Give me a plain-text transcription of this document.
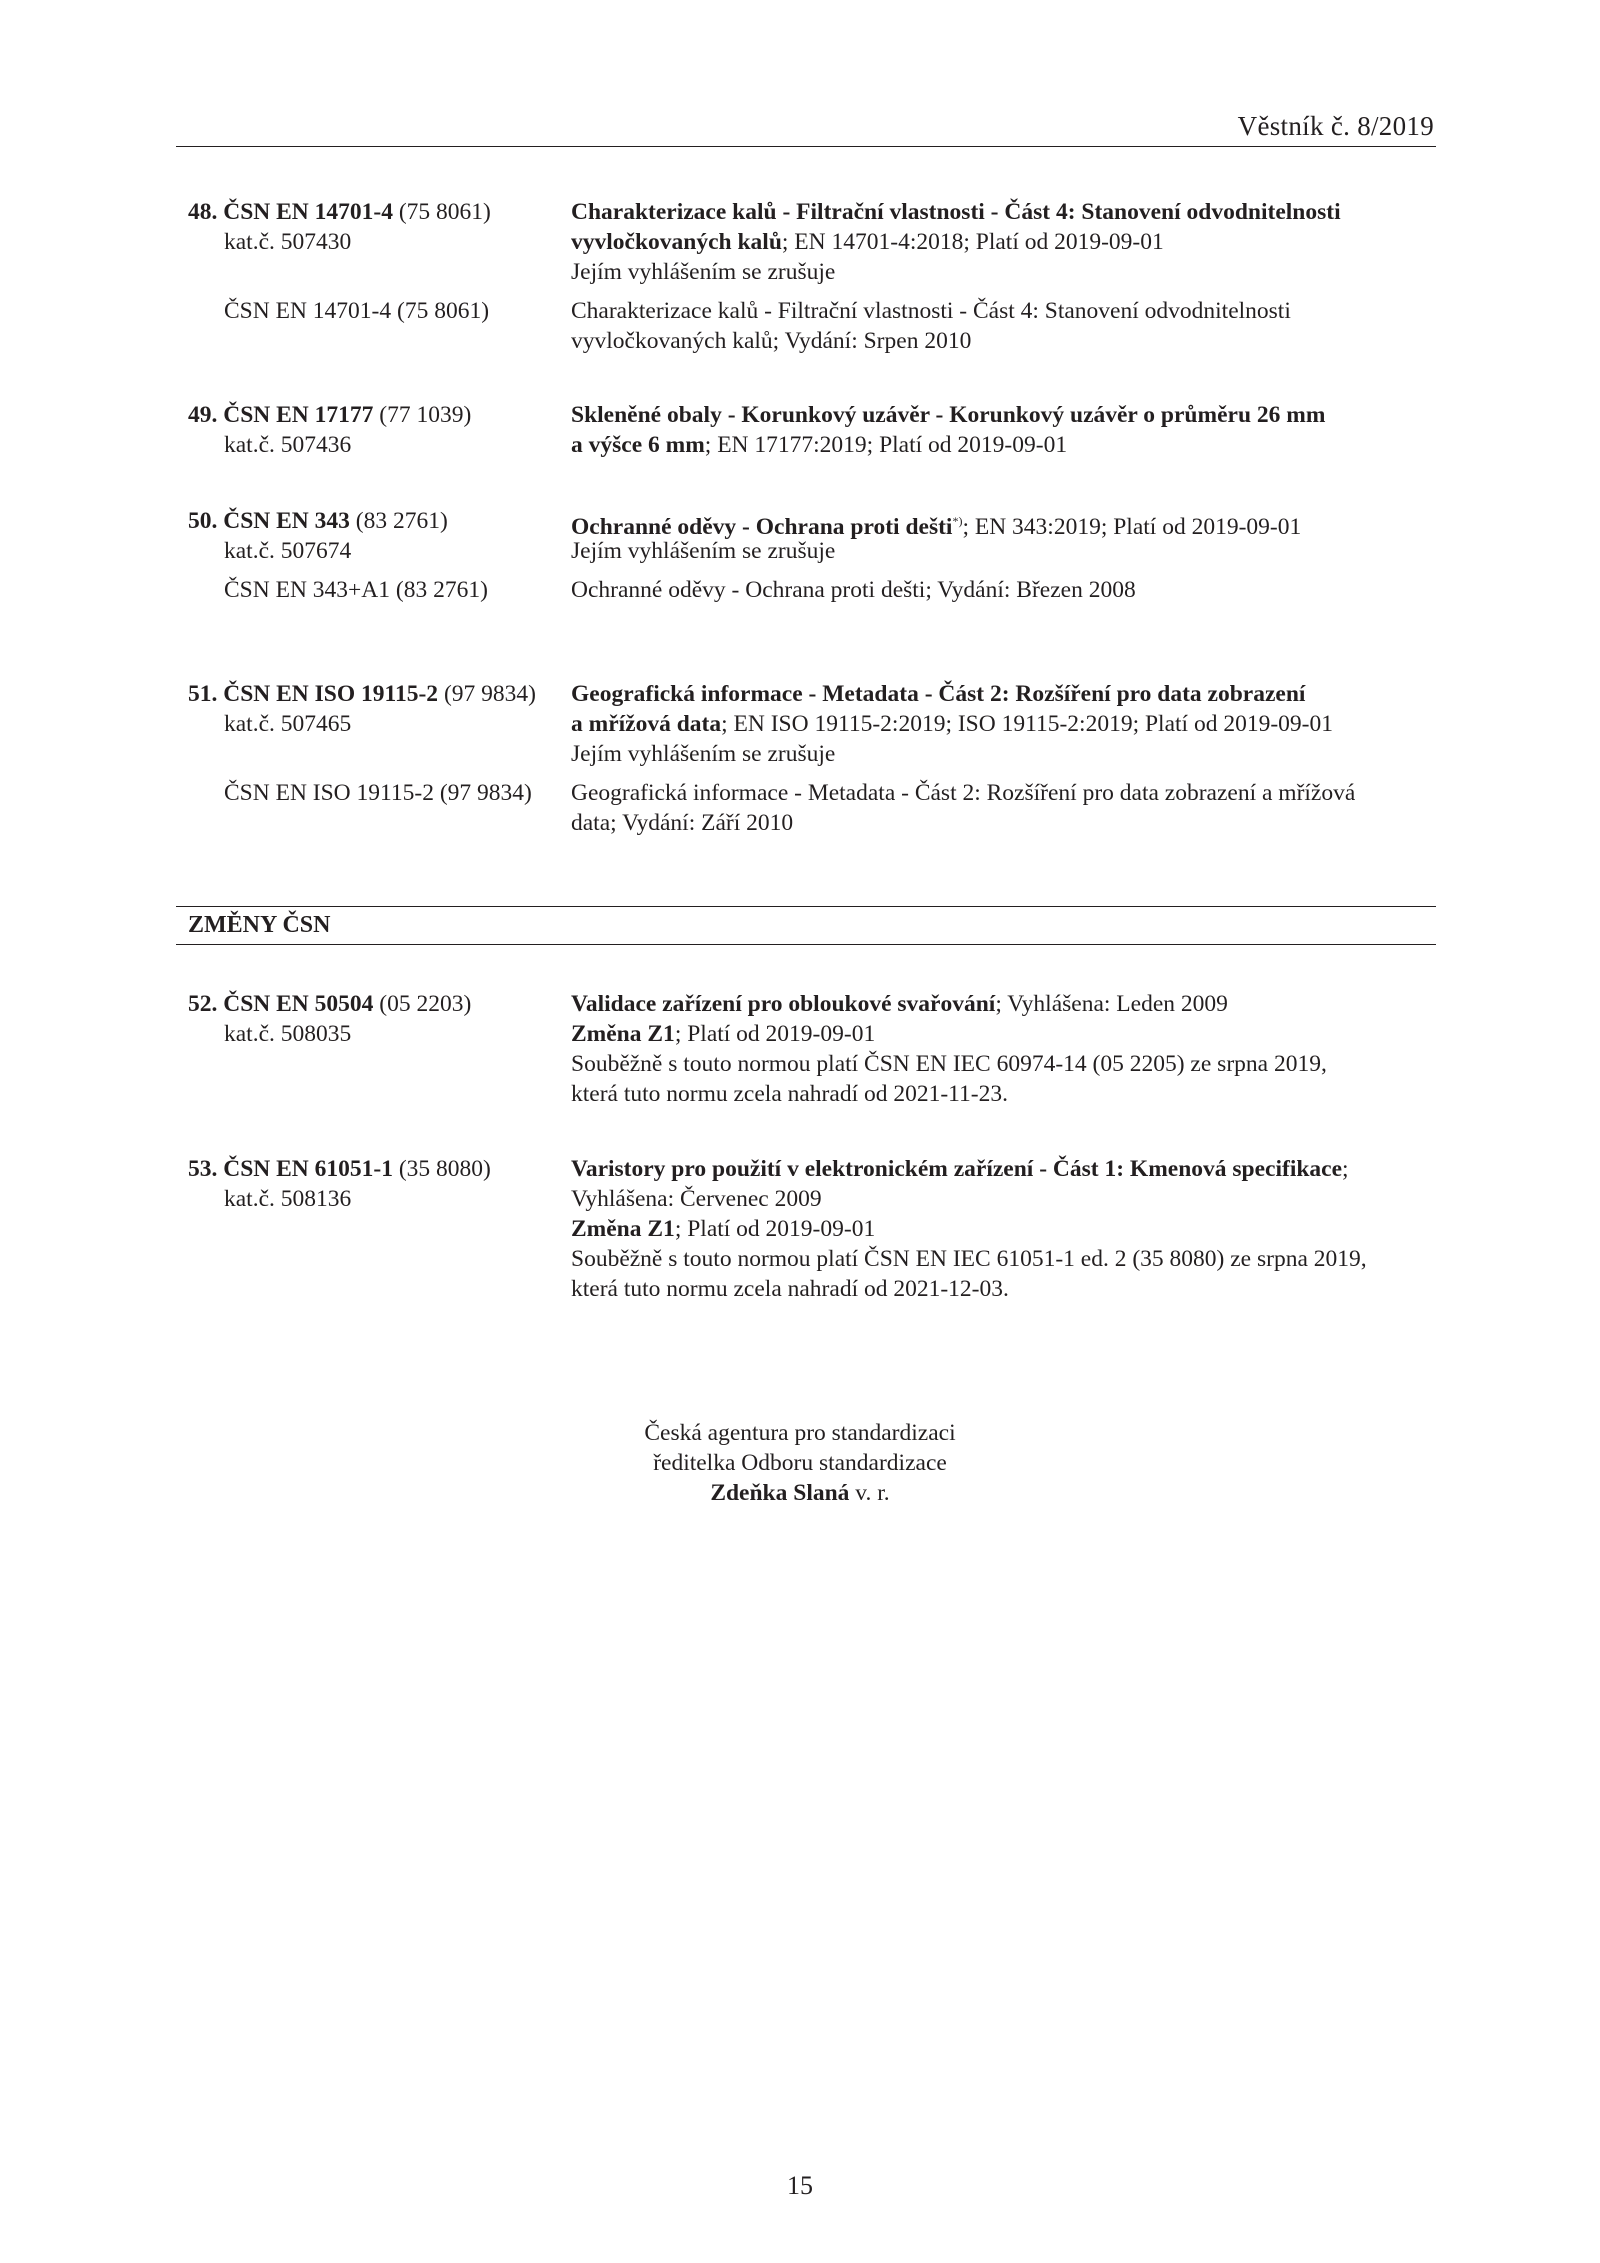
Věstník č. 8/2019
48. ČSN EN 14701-4 (75 8061)
kat.č. 507430
Charakterizace kalů - Filtrační vlastnosti - Část 4: Stanovení odvodnitelnosti
vyvločkovaných kalů; EN 14701-4:2018; Platí od 2019-09-01
Jejím vyhlášením se zrušuje
ČSN EN 14701-4 (75 8061)	Charakterizace kalů - Filtrační vlastnosti - Část 4: Stanovení odvodnitelnosti
vyvločkovaných kalů; Vydání: Srpen 2010
49. ČSN EN 17177 (77 1039)
kat.č. 507436
Skleněné obaly - Korunkový uzávěr - Korunkový uzávěr o průměru 26 mm
a výšce 6 mm; EN 17177:2019; Platí od 2019-09-01
50. ČSN EN 343 (83 2761)
kat.č. 507674
Ochranné oděvy - Ochrana proti dešti*); EN 343:2019; Platí od 2019-09-01
Jejím vyhlášením se zrušuje
ČSN EN 343+A1 (83 2761)	Ochranné oděvy - Ochrana proti dešti; Vydání: Březen 2008
51. ČSN EN ISO 19115-2 (97 9834)
kat.č. 507465
Geografická informace - Metadata - Část 2: Rozšíření pro data zobrazení
a mřížová data; EN ISO 19115-2:2019; ISO 19115-2:2019; Platí od 2019-09-01
Jejím vyhlášením se zrušuje
ČSN EN ISO 19115-2 (97 9834) Geografická informace - Metadata - Část 2: Rozšíření pro data zobrazení a mřížová
data; Vydání: Září 2010
ZMĚNY ČSN
52. ČSN EN 50504 (05 2203)
kat.č. 508035
Validace zařízení pro obloukové svařování; Vyhlášena: Leden 2009
Změna Z1; Platí od 2019-09-01
Souběžně s touto normou platí ČSN EN IEC 60974-14 (05 2205) ze srpna 2019,
která tuto normu zcela nahradí od 2021-11-23.
53. ČSN EN 61051-1 (35 8080)
kat.č. 508136
Varistory pro použití v elektronickém zařízení - Část 1: Kmenová specifikace;
Vyhlášena: Červenec 2009
Změna Z1; Platí od 2019-09-01
Souběžně s touto normou platí ČSN EN IEC 61051-1 ed. 2 (35 8080) ze srpna 2019,
která tuto normu zcela nahradí od 2021-12-03.
Česká agentura pro standardizaci
ředitelka Odboru standardizace
Zdeňka Slaná v. r.
15
